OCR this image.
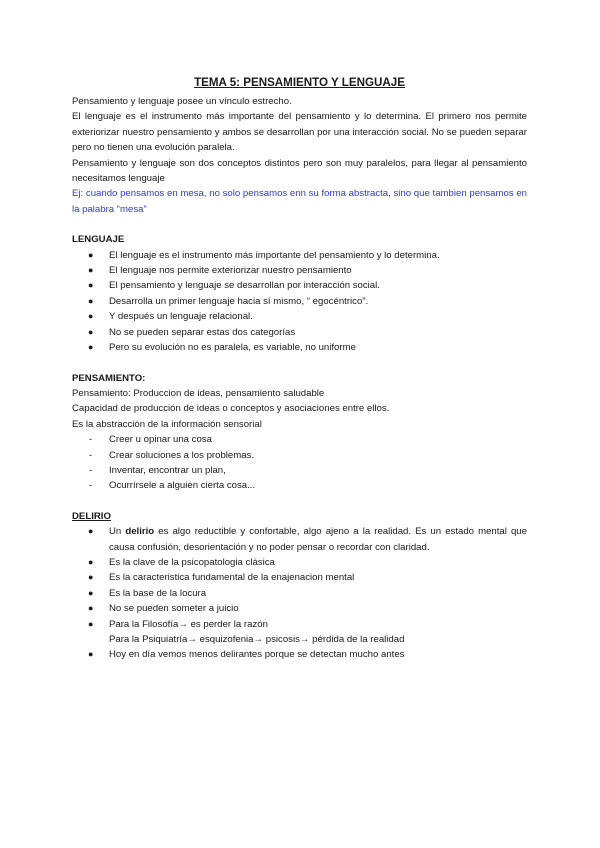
TEMA 5: PENSAMIENTO Y LENGUAJE

Pensamiento y lenguaje posee un vínculo estrecho.

El lenguaje es el instrumento más importante del pensamiento y lo determina. El primero nos permite exteriorizar nuestro pensamiento y ambos se desarrollan por una interacción social. No se pueden separar pero no tienen una evolución paralela.

Pensamiento y lenguaje son dos conceptos distintos pero son muy paralelos, para llegar al pensamiento necesitamos lenguaje

Ej: cuando pensamos en mesa, no solo pensamos enn su forma abstracta, sino que tambien pensamos en la palabra “mesa”

LENGUAJE
● El lenguaje es el instrumento más importante del pensamiento y lo determina.
● El lenguaje nos permite exteriorizar nuestro pensamiento
● El pensamiento y lenguaje se desarrollan por interacción social.
● Desarrolla un primer lenguaje hacia sí mismo, “ egocéntrico”.
● Y después un lenguaje relacional.
● No se pueden separar estas dos categorías
● Pero su evolución no es paralela, es variable, no uniforme
PENSAMIENTO:

Pensamiento: Produccion de ideas, pensamiento saludable

Capacidad de producción de ideas o conceptos y asociaciones entre ellos.

Es la abstracción de la información sensorial

- Creer u opinar una cosa
- Crear soluciones a los problemas.
- Inventar, encontrar un plan,
- Ocurrírsele a alguien cierta cosa...
DELIRIO
● Un delirio es algo reductible y confortable, algo ajeno a la realidad. Es un estado mental que causa confusión, desorientación y no poder pensar o recordar con claridad.
● Es la clave de la psicopatologia clásica
● Es la caracteristica fundamental de la enajenacion mental
● Es la base de la locura
● No se pueden someter a juicio
● Para la Filosofía→ es perder la razón
Para la Psiquiatría→ esquizofenia→ psicosis→ pérdida de la realidad
● Hoy en día vemos menos delirantes porque se detectan mucho antes
